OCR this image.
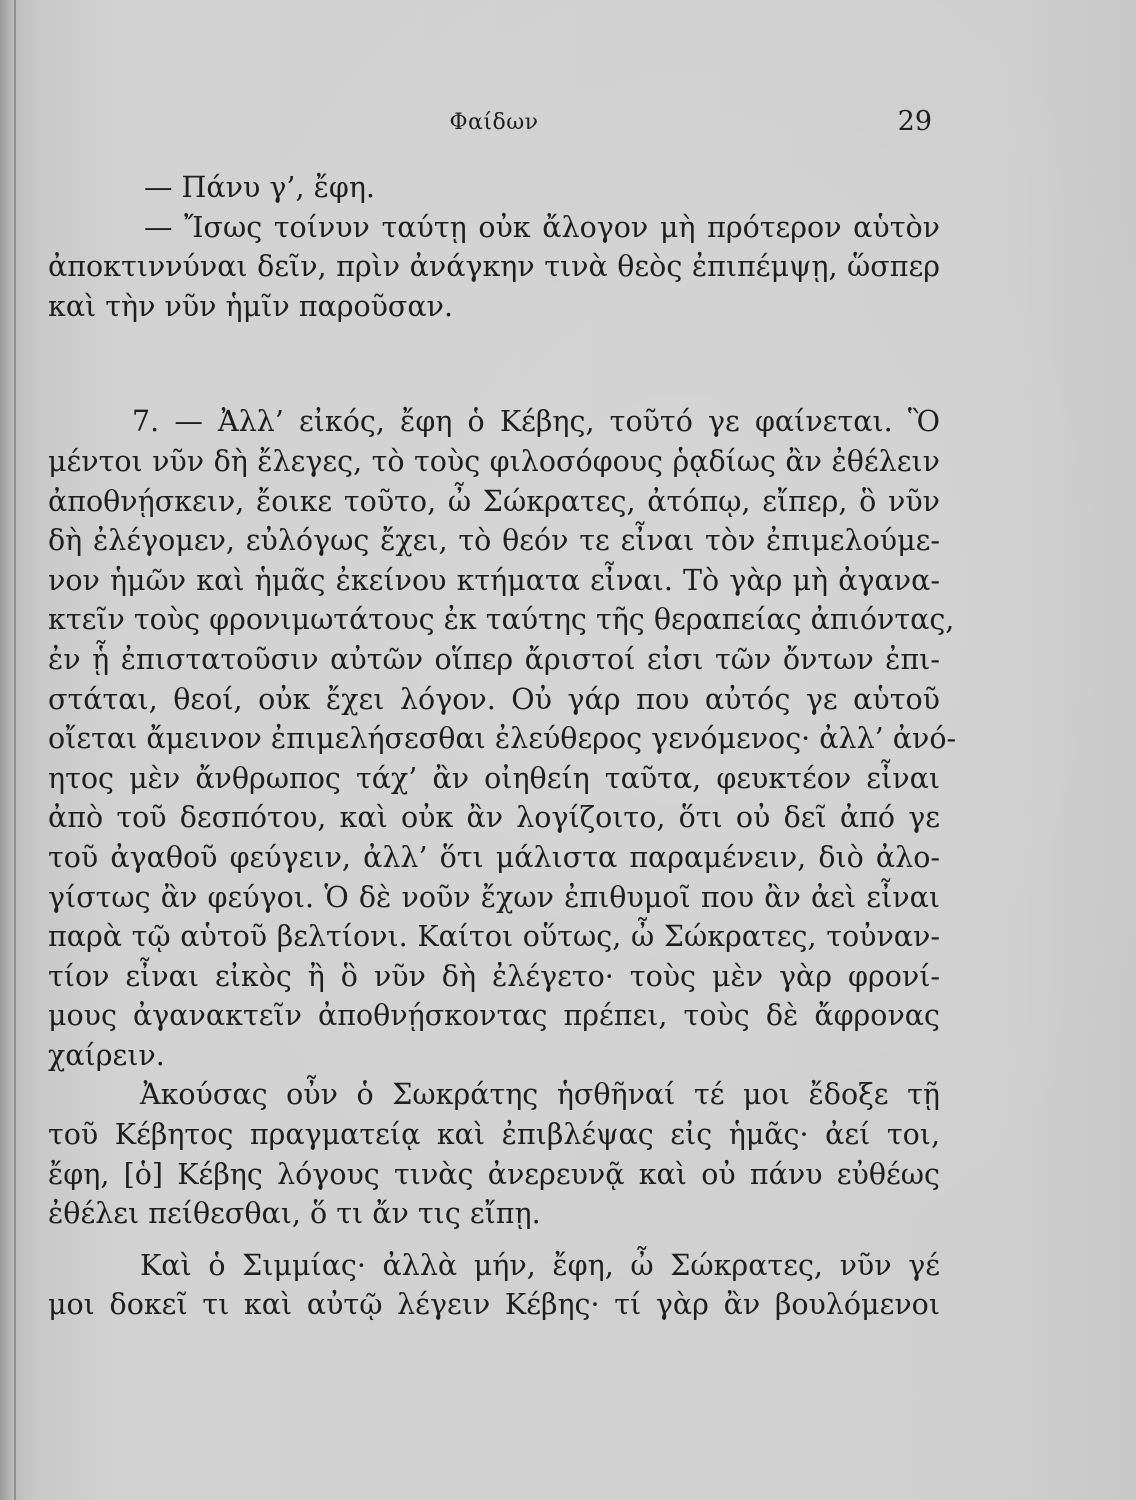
Φαίδων	29
— Πάνυ γ’, ἔφη.
— Ἴσως τοίνυν ταύτῃ οὐκ ἄλογον μὴ πρότερον αὑτὸν
ἀποκτιννύναι δεῖν, πρὶν ἀνάγκην τινὰ θεὸς ἐπιπέμψῃ, ὥσπερ
καὶ τὴν νῦν ἡμῖν παροῦσαν.
7. — Ἀλλ’ εἰκός, ἔφη ὁ Κέβης, τοῦτό γε φαίνεται. Ὃ
μέντοι νῦν δὴ ἔλεγες, τὸ τοὺς φιλοσόφους ῥᾳδίως ἂν ἐθέλειν
ἀποθνῄσκειν, ἔοικε τοῦτο, ὦ Σώκρατες, ἀτόπῳ, εἴπερ, ὃ νῦν
δὴ ἐλέγομεν, εὐλόγως ἔχει, τὸ θεόν τε εἶναι τὸν ἐπιμελούμε-
νον ἡμῶν καὶ ἡμᾶς ἐκείνου κτήματα εἶναι. Τὸ γὰρ μὴ ἀγανα-
κτεῖν τοὺς φρονιμωτάτους ἐκ ταύτης τῆς θεραπείας ἀπιόντας,
ἐν ᾗ ἐπιστατοῦσιν αὐτῶν οἵπερ ἄριστοί εἰσι τῶν ὄντων ἐπι-
στάται, θεοί, οὐκ ἔχει λόγον. Οὐ γάρ που αὐτός γε αὑτοῦ
οἴεται ἄμεινον ἐπιμελήσεσθαι ἐλεύθερος γενόμενος· ἀλλ’ ἀνό-
ητος μὲν ἄνθρωπος τάχ’ ἂν οἰηθείη ταῦτα, φευκτέον εἶναι
ἀπὸ τοῦ δεσπότου, καὶ οὐκ ἂν λογίζοιτο, ὅτι οὐ δεῖ ἀπό γε
τοῦ ἀγαθοῦ φεύγειν, ἀλλ’ ὅτι μάλιστα παραμένειν, διὸ ἀλο-
γίστως ἂν φεύγοι. Ὁ δὲ νοῦν ἔχων ἐπιθυμοῖ που ἂν ἀεὶ εἶναι
παρὰ τῷ αὑτοῦ βελτίονι. Καίτοι οὕτως, ὦ Σώκρατες, τοὐναν-
τίον εἶναι εἰκὸς ἢ ὃ νῦν δὴ ἐλέγετο· τοὺς μὲν γὰρ φρονί-
μους ἀγανακτεῖν ἀποθνῄσκοντας πρέπει, τοὺς δὲ ἄφρονας
χαίρειν.
Ἀκούσας οὖν ὁ Σωκράτης ἡσθῆναί τέ μοι ἔδοξε τῇ
τοῦ Κέβητος πραγματείᾳ καὶ ἐπιβλέψας εἰς ἡμᾶς· ἀεί τοι,
ἔφη, [ὁ] Κέβης λόγους τινὰς ἀνερευνᾷ καὶ οὐ πάνυ εὐθέως
ἐθέλει πείθεσθαι, ὅ τι ἄν τις εἴπῃ.
Καὶ ὁ Σιμμίας· ἀλλὰ μήν, ἔφη, ὦ Σώκρατες, νῦν γέ
μοι δοκεῖ τι καὶ αὐτῷ λέγειν Κέβης· τί γὰρ ἂν βουλόμενοι
